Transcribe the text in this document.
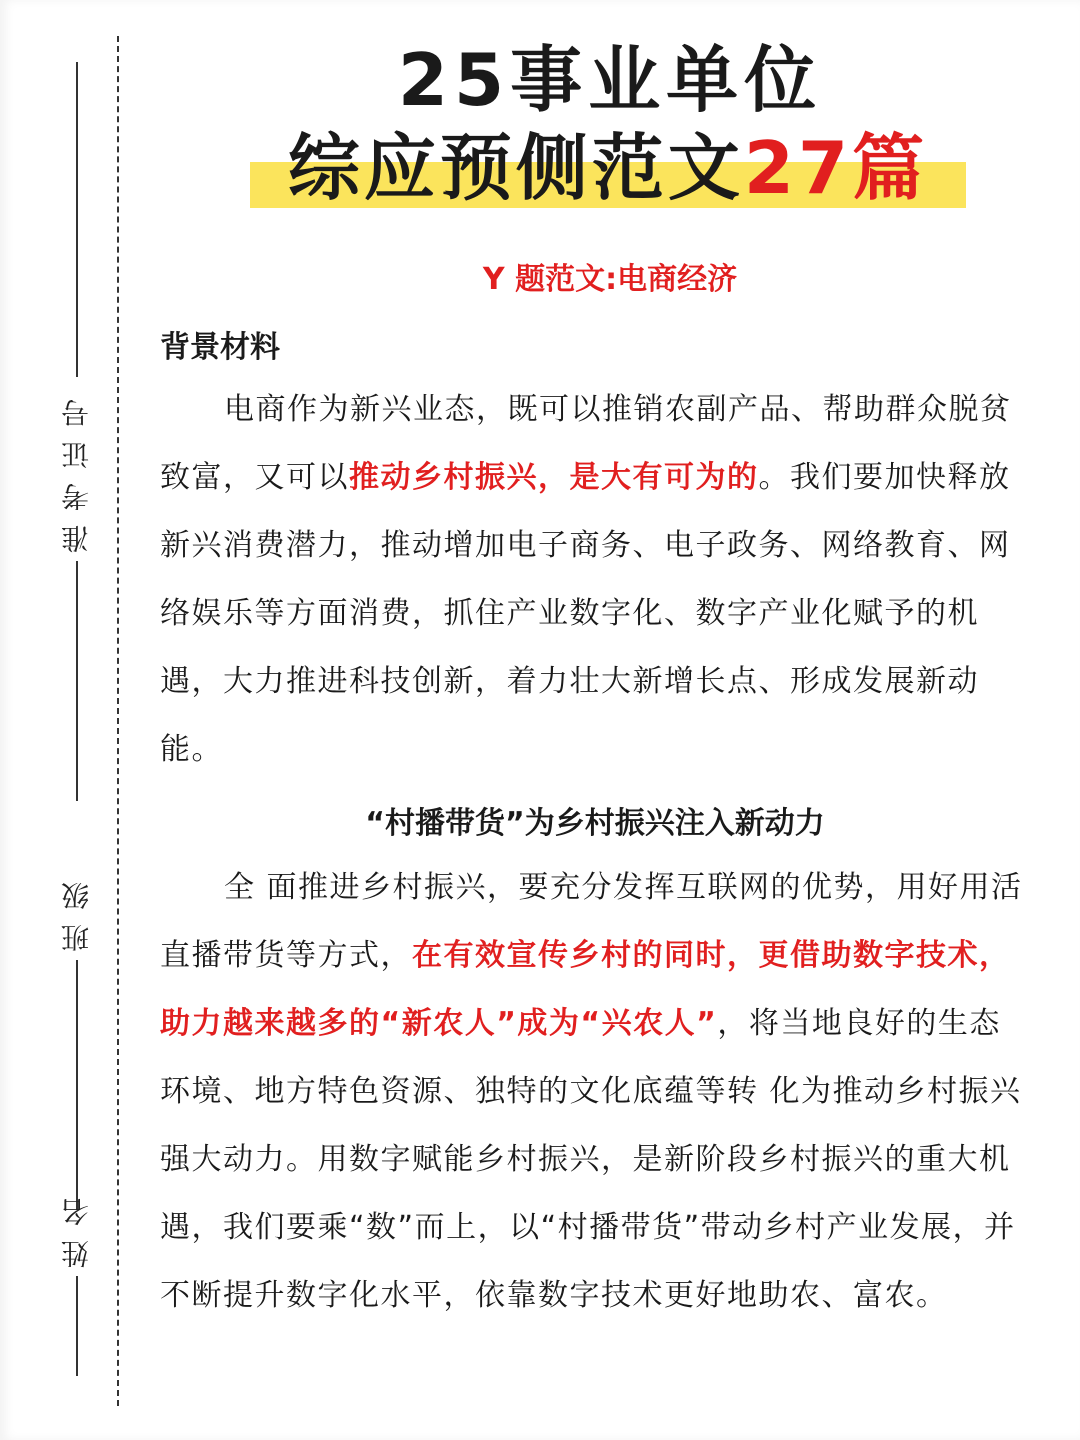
准考证号
班级
姓名
25事业单位
综应预侧范文27篇
Y 题范文:电商经济
背景材料

电商作为新兴业态，既可以推销农副产品、帮助群众脱贫致富，又可以推动乡村振兴，是大有可为的。我们要加快释放新兴消费潜力，推动增加电子商务、电子政务、网络教育、网络娱乐等方面消费，抓住产业数字化、数字产业化赋予的机遇，大力推进科技创新，着力壮大新增长点、形成发展新动能。

“村播带货”为乡村振兴注入新动力

全 面推进乡村振兴，要充分发挥互联网的优势，用好用活直播带货等方式，在有效宣传乡村的同时，更借助数字技术，助力越来越多的“新农人”成为“兴农人”，将当地良好的生态环境、地方特色资源、独特的文化底蕴等转 化为推动乡村振兴强大动力。用数字赋能乡村振兴，是新阶段乡村振兴的重大机遇，我们要乘“数”而上，以“村播带货”带动乡村产业发展，并不断提升数字化水平，依靠数字技术更好地助农、富农。
